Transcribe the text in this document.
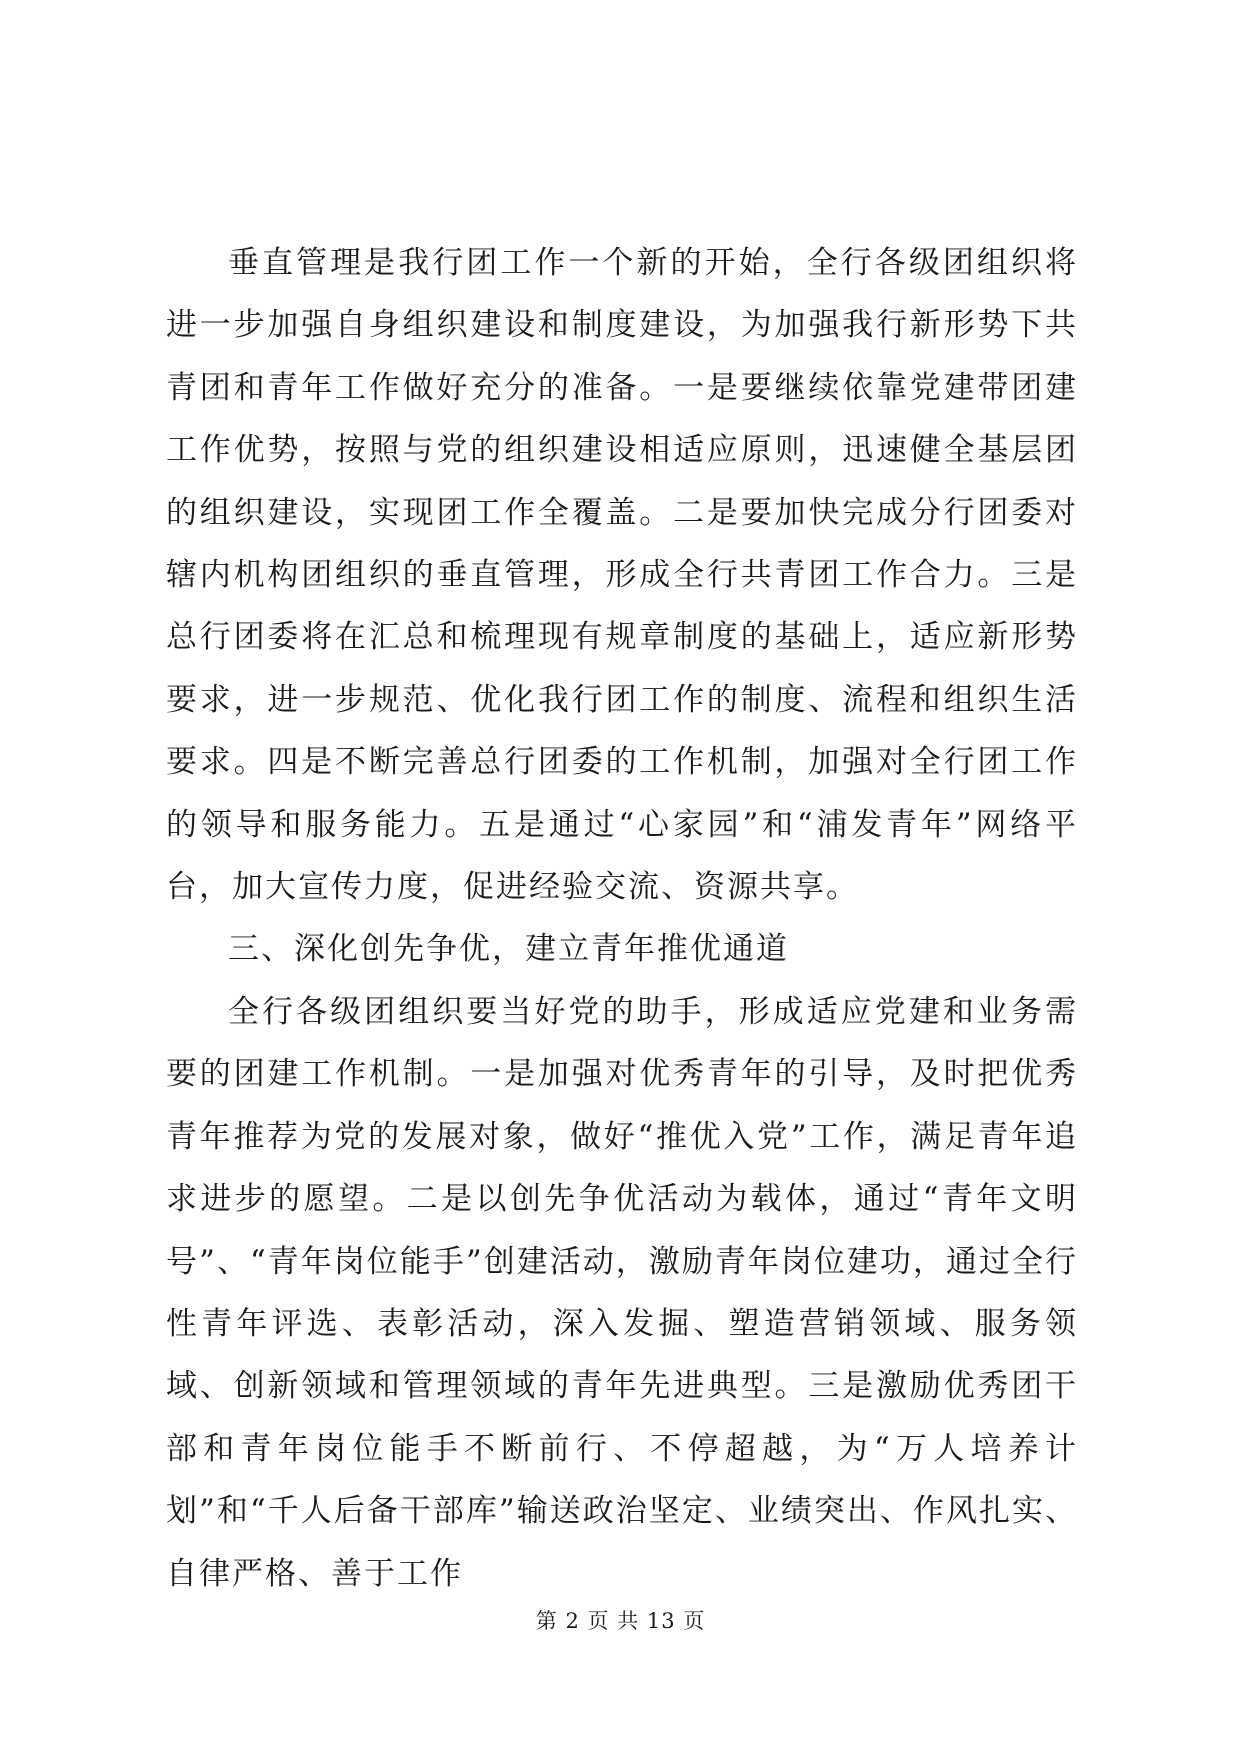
垂直管理是我行团工作一个新的开始，全行各级团组织将进一步加强自身组织建设和制度建设，为加强我行新形势下共青团和青年工作做好充分的准备。一是要继续依靠党建带团建工作优势，按照与党的组织建设相适应原则，迅速健全基层团的组织建设，实现团工作全覆盖。二是要加快完成分行团委对辖内机构团组织的垂直管理，形成全行共青团工作合力。三是总行团委将在汇总和梳理现有规章制度的基础上，适应新形势要求，进一步规范、优化我行团工作的制度、流程和组织生活要求。四是不断完善总行团委的工作机制，加强对全行团工作的领导和服务能力。五是通过“心家园”和“浦发青年”网络平台，加大宣传力度，促进经验交流、资源共享。

三、深化创先争优，建立青年推优通道

全行各级团组织要当好党的助手，形成适应党建和业务需要的团建工作机制。一是加强对优秀青年的引导，及时把优秀青年推荐为党的发展对象，做好“推优入党”工作，满足青年追求进步的愿望。二是以创先争优活动为载体，通过“青年文明号”、“青年岗位能手”创建活动，激励青年岗位建功，通过全行性青年评选、表彰活动，深入发掘、塑造营销领域、服务领域、创新领域和管理领域的青年先进典型。三是激励优秀团干部和青年岗位能手不断前行、不停超越，为“万人培养计划”和“千人后备干部库”输送政治坚定、业绩突出、作风扎实、自律严格、善于工作

第 2 页 共 13 页
